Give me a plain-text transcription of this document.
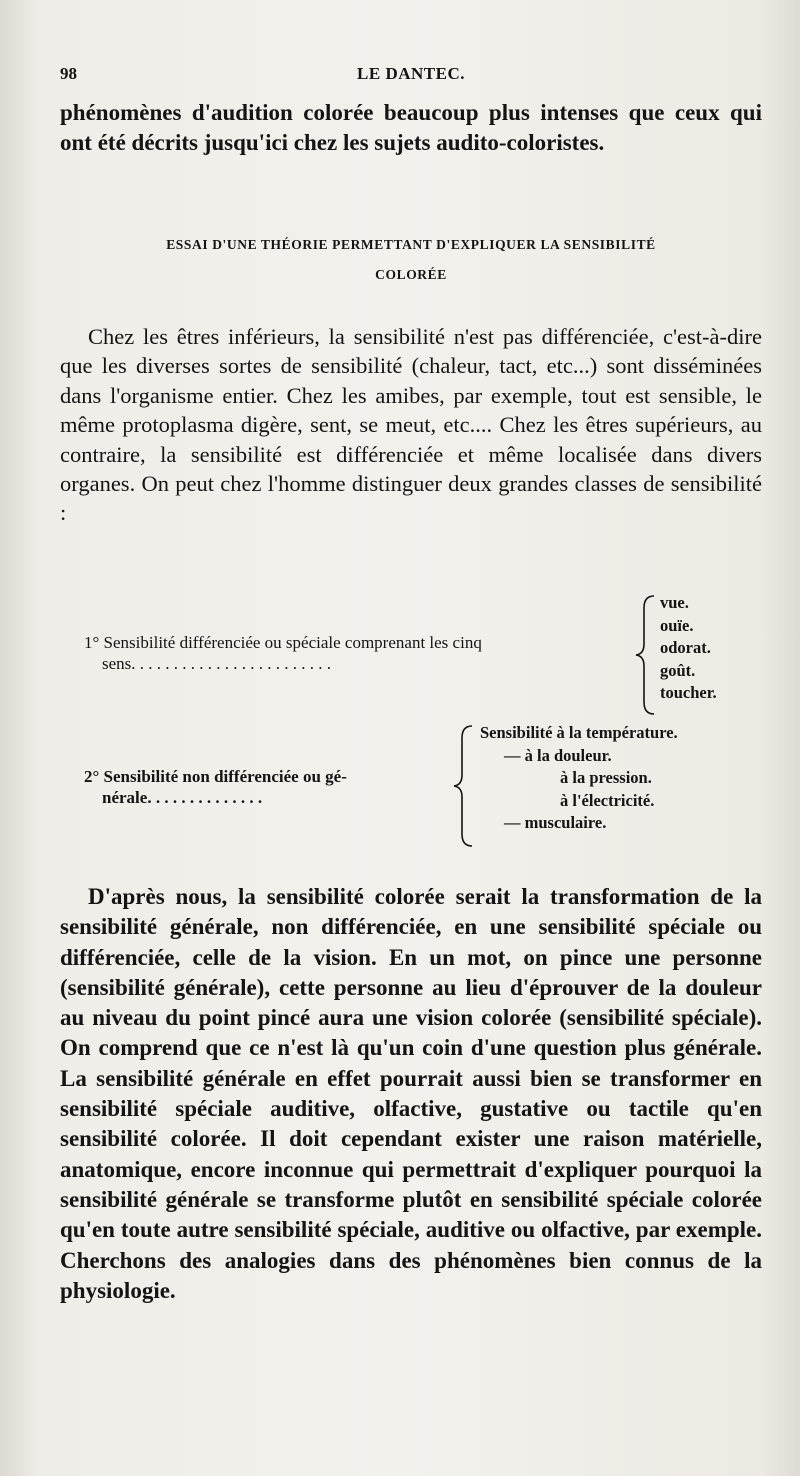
98	LE DANTEC.
phénomènes d'audition colorée beaucoup plus intenses que ceux qui ont été décrits jusqu'ici chez les sujets audito-coloristes.
ESSAI D'UNE THÉORIE PERMETTANT D'EXPLIQUER LA SENSIBILITÉ
COLORÉE
Chez les êtres inférieurs, la sensibilité n'est pas différenciée, c'est-à-dire que les diverses sortes de sensibilité (chaleur, tact, etc...) sont disséminées dans l'organisme entier. Chez les amibes, par exemple, tout est sensible, le même protoplasma digère, sent, se meut, etc.... Chez les êtres supérieurs, au contraire, la sensibilité est différenciée et même localisée dans divers organes. On peut chez l'homme distinguer deux grandes classes de sensibilité :
1° Sensibilité différenciée ou spéciale comprenant les cinq
sens. . . . . . . . . . . . . . . . . . . . . . . .
vue.
ouïe.
odorat.
goût.
toucher.
2° Sensibilité non différenciée ou gé-
nérale. . . . . . . . . . . . . .
Sensibilité à la température.
— à la douleur.
à la pression.
à l'électricité.
— musculaire.
D'après nous, la sensibilité colorée serait la transformation de la sensibilité générale, non différenciée, en une sensibilité spéciale ou différenciée, celle de la vision. En un mot, on pince une personne (sensibilité générale), cette personne au lieu d'éprouver de la douleur au niveau du point pincé aura une vision colorée (sensibilité spéciale). On comprend que ce n'est là qu'un coin d'une question plus générale. La sensibilité générale en effet pourrait aussi bien se transformer en sensibilité spéciale auditive, olfactive, gustative ou tactile qu'en sensibilité colorée. Il doit cependant exister une raison matérielle, anatomique, encore inconnue qui permettrait d'expliquer pourquoi la sensibilité générale se transforme plutôt en sensibilité spéciale colorée qu'en toute autre sensibilité spéciale, auditive ou olfactive, par exemple. Cherchons des analogies dans des phénomènes bien connus de la physiologie.
